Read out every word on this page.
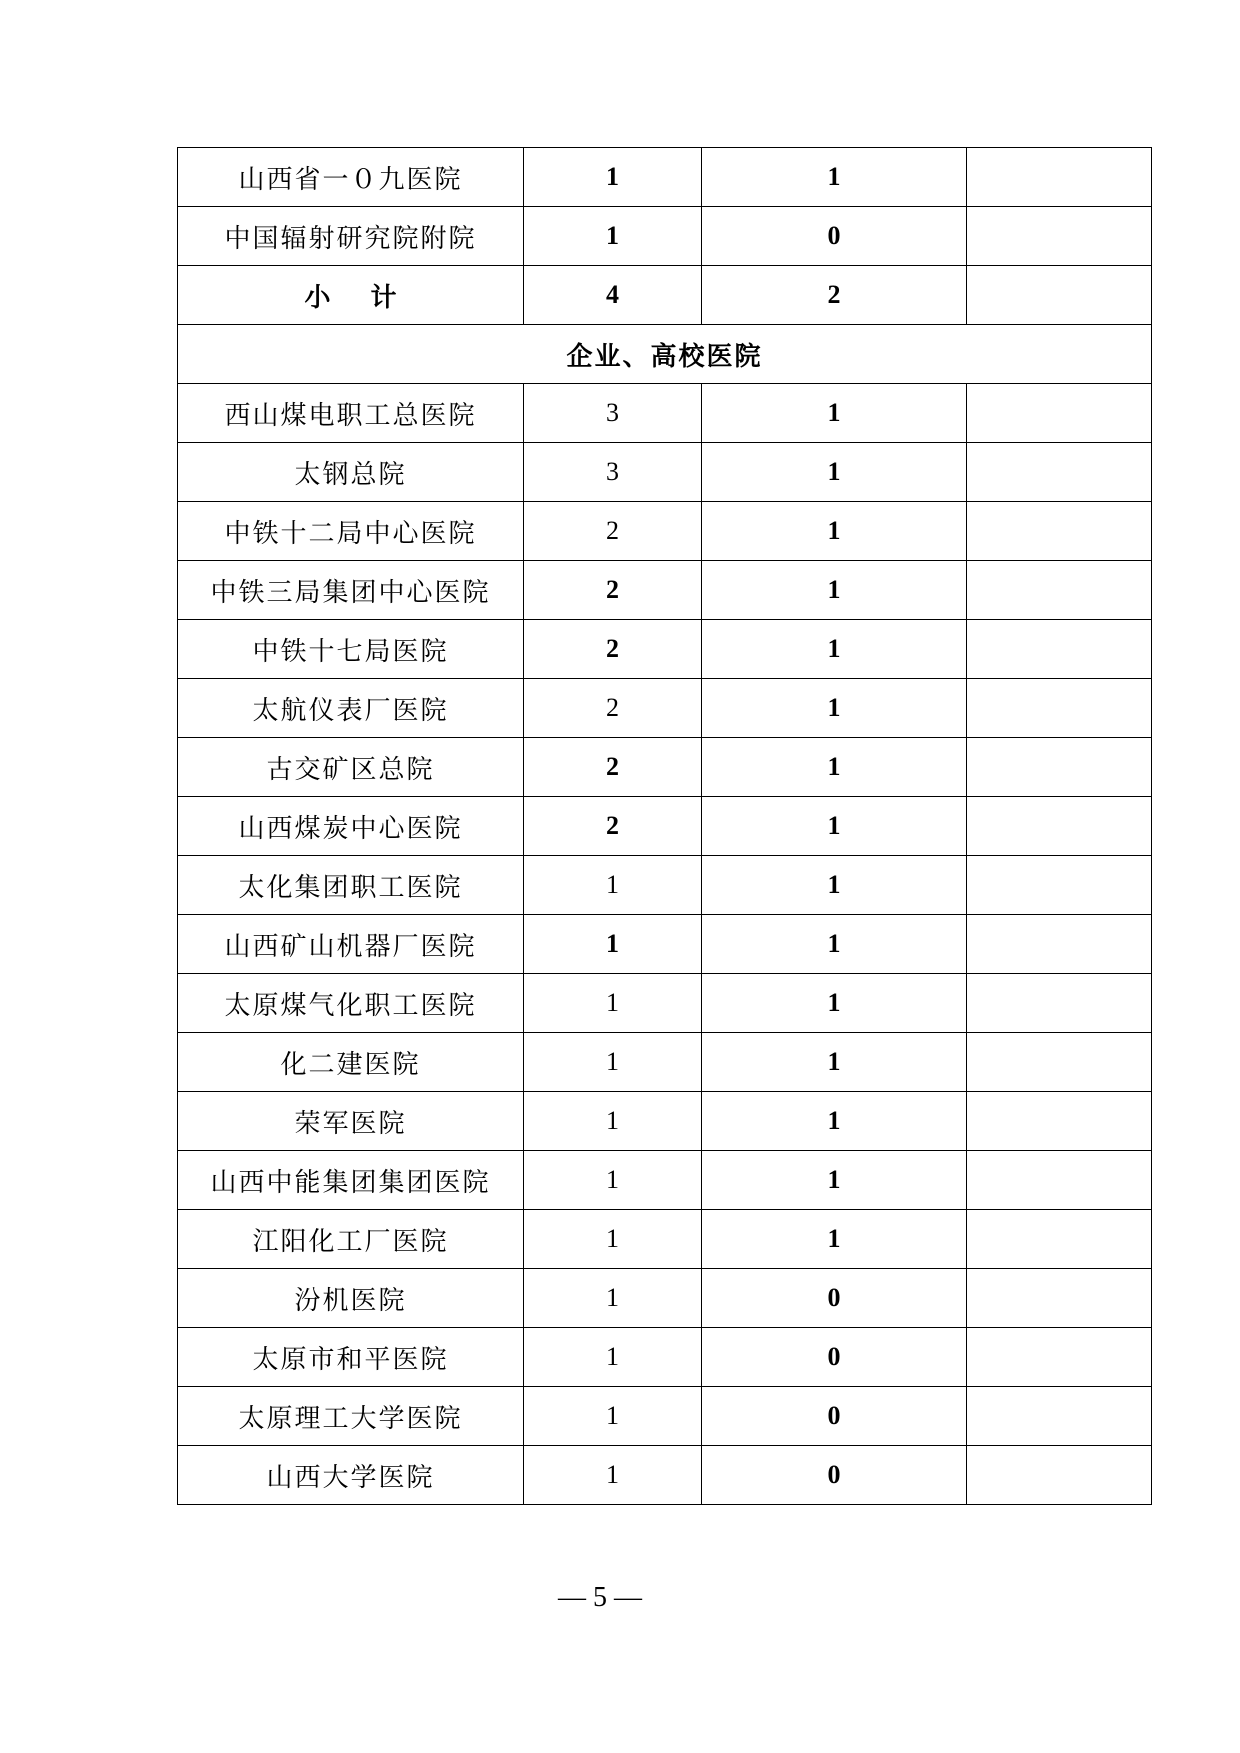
山西省一０九医院	1	1	
中国辐射研究院附院	1	0	
小 计	4	2	
企业、高校医院			
西山煤电职工总医院	3	1	
太钢总院	3	1	
中铁十二局中心医院	2	1	
中铁三局集团中心医院	2	1	
中铁十七局医院	2	1	
太航仪表厂医院	2	1	
古交矿区总院	2	1	
山西煤炭中心医院	2	1	
太化集团职工医院	1	1	
山西矿山机器厂医院	1	1	
太原煤气化职工医院	1	1	
化二建医院	1	1	
荣军医院	1	1	
山西中能集团集团医院	1	1	
江阳化工厂医院	1	1	
汾机医院	1	0	
太原市和平医院	1	0	
太原理工大学医院	1	0	
山西大学医院	1	0	
— 5 —
